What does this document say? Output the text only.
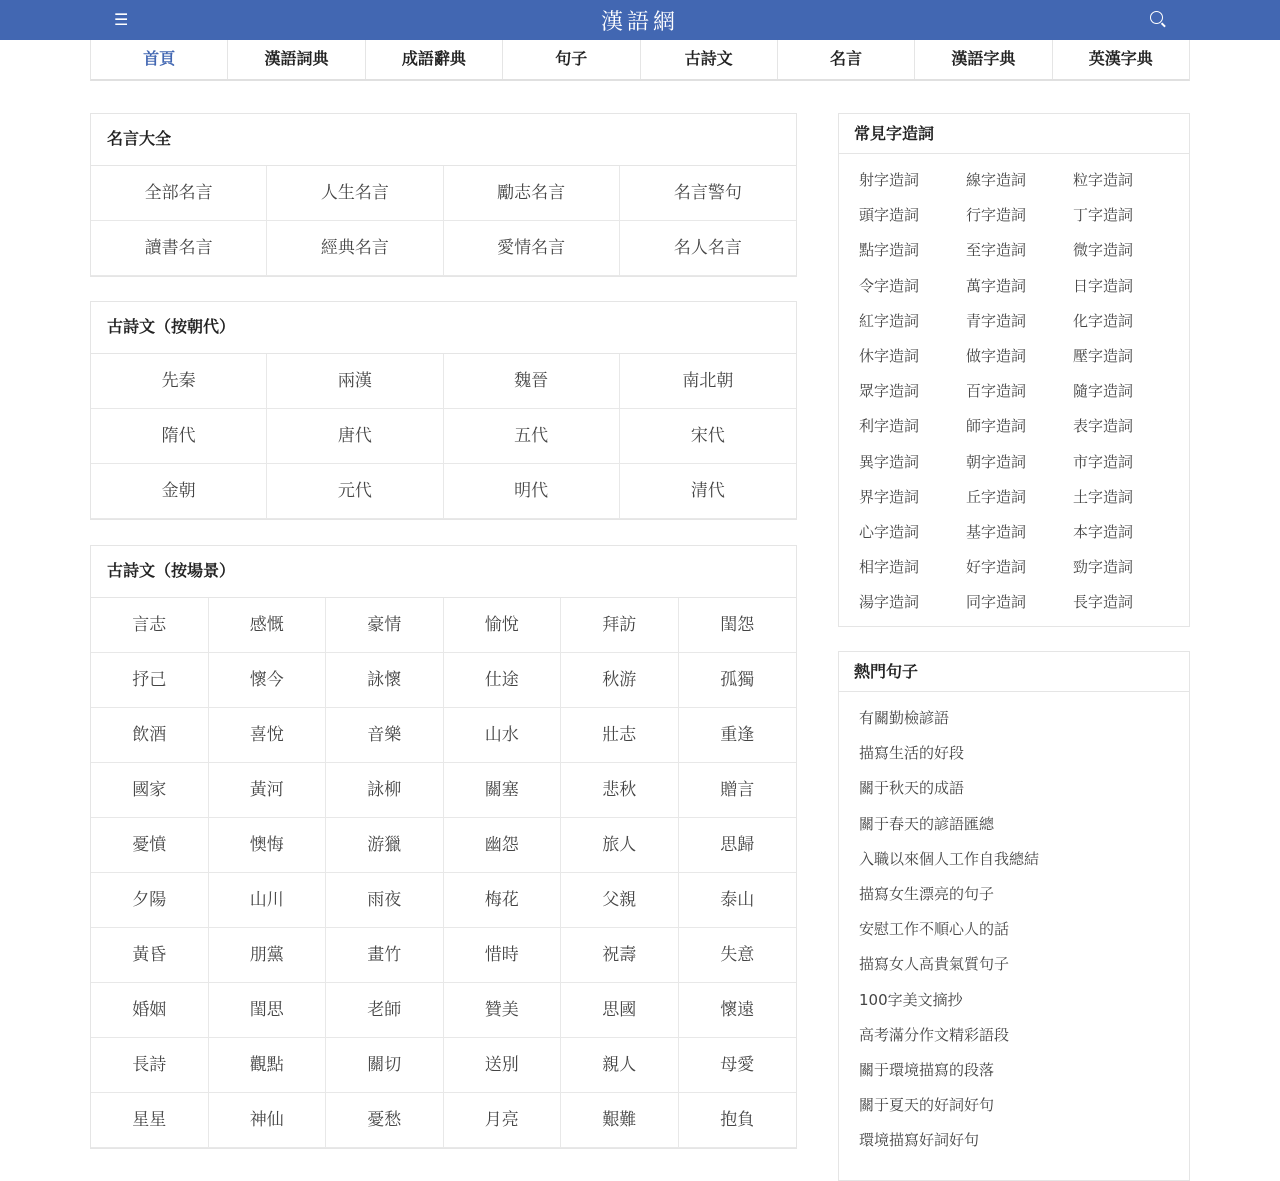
☰	漢語網
首頁	漢語詞典	成語辭典	句子	古詩文	名言	漢語字典	英漢字典
名言大全
全部名言	人生名言	勵志名言	名言警句
讀書名言	經典名言	愛情名言	名人名言
古詩文（按朝代）
先秦	兩漢	魏晉	南北朝
隋代	唐代	五代	宋代
金朝	元代	明代	清代
古詩文（按場景）
言志	感慨	豪情	愉悅	拜訪	閨怨
抒己	懷今	詠懷	仕途	秋游	孤獨
飲酒	喜悅	音樂	山水	壯志	重逢
國家	黃河	詠柳	關塞	悲秋	贈言
憂憤	懊悔	游獵	幽怨	旅人	思歸
夕陽	山川	雨夜	梅花	父親	泰山
黃昏	朋黨	畫竹	惜時	祝壽	失意
婚姻	閨思	老師	贊美	思國	懷遠
長詩	觀點	關切	送別	親人	母愛
星星	神仙	憂愁	月亮	艱難	抱負
常見字造詞
射字造詞	線字造詞	粒字造詞
頭字造詞	行字造詞	丁字造詞
點字造詞	至字造詞	微字造詞
令字造詞	萬字造詞	日字造詞
紅字造詞	青字造詞	化字造詞
休字造詞	做字造詞	壓字造詞
眾字造詞	百字造詞	隨字造詞
利字造詞	師字造詞	表字造詞
異字造詞	朝字造詞	市字造詞
界字造詞	丘字造詞	土字造詞
心字造詞	基字造詞	本字造詞
相字造詞	好字造詞	勁字造詞
湯字造詞	同字造詞	長字造詞
熱門句子
有關勤檢諺語
描寫生活的好段
關于秋天的成語
關于春天的諺語匯總
入職以來個人工作自我總結
描寫女生漂亮的句子
安慰工作不順心人的話
描寫女人高貴氣質句子
100字美文摘抄
高考滿分作文精彩語段
關于環境描寫的段落
關于夏天的好詞好句
環境描寫好詞好句
